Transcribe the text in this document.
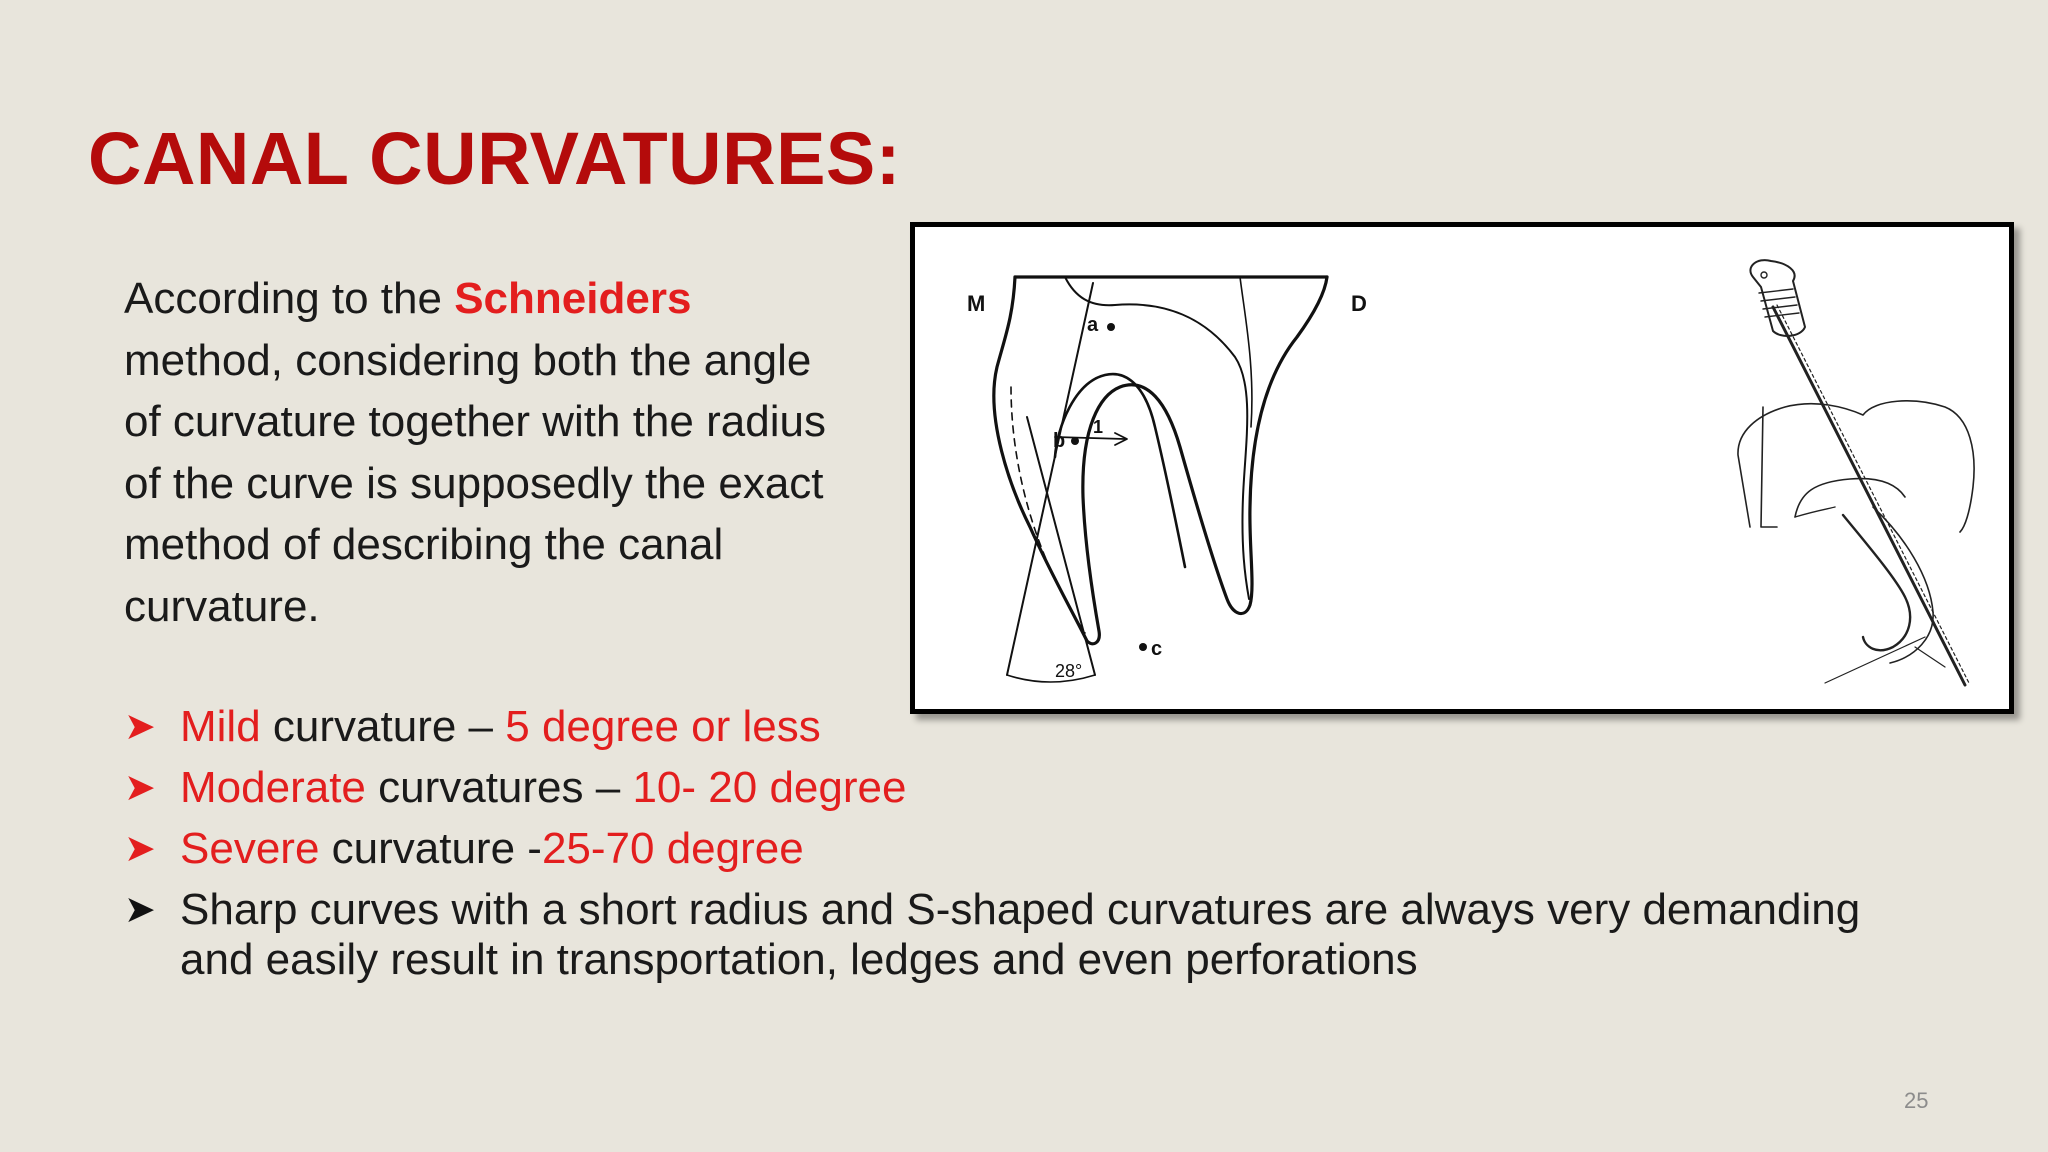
CANAL CURVATURES:

According to the Schneiders method, considering both the angle of curvature together with the radius of the curve is supposedly the exact method of describing the canal curvature.

M	D
a
b
c
1
28°
➤ Mild curvature – 5 degree or less
➤ Moderate curvatures – 10- 20 degree
➤ Severe curvature -25-70 degree
➤ Sharp curves with a short radius and S-shaped curvatures are always very demanding and easily result in transportation, ledges and even perforations
25
